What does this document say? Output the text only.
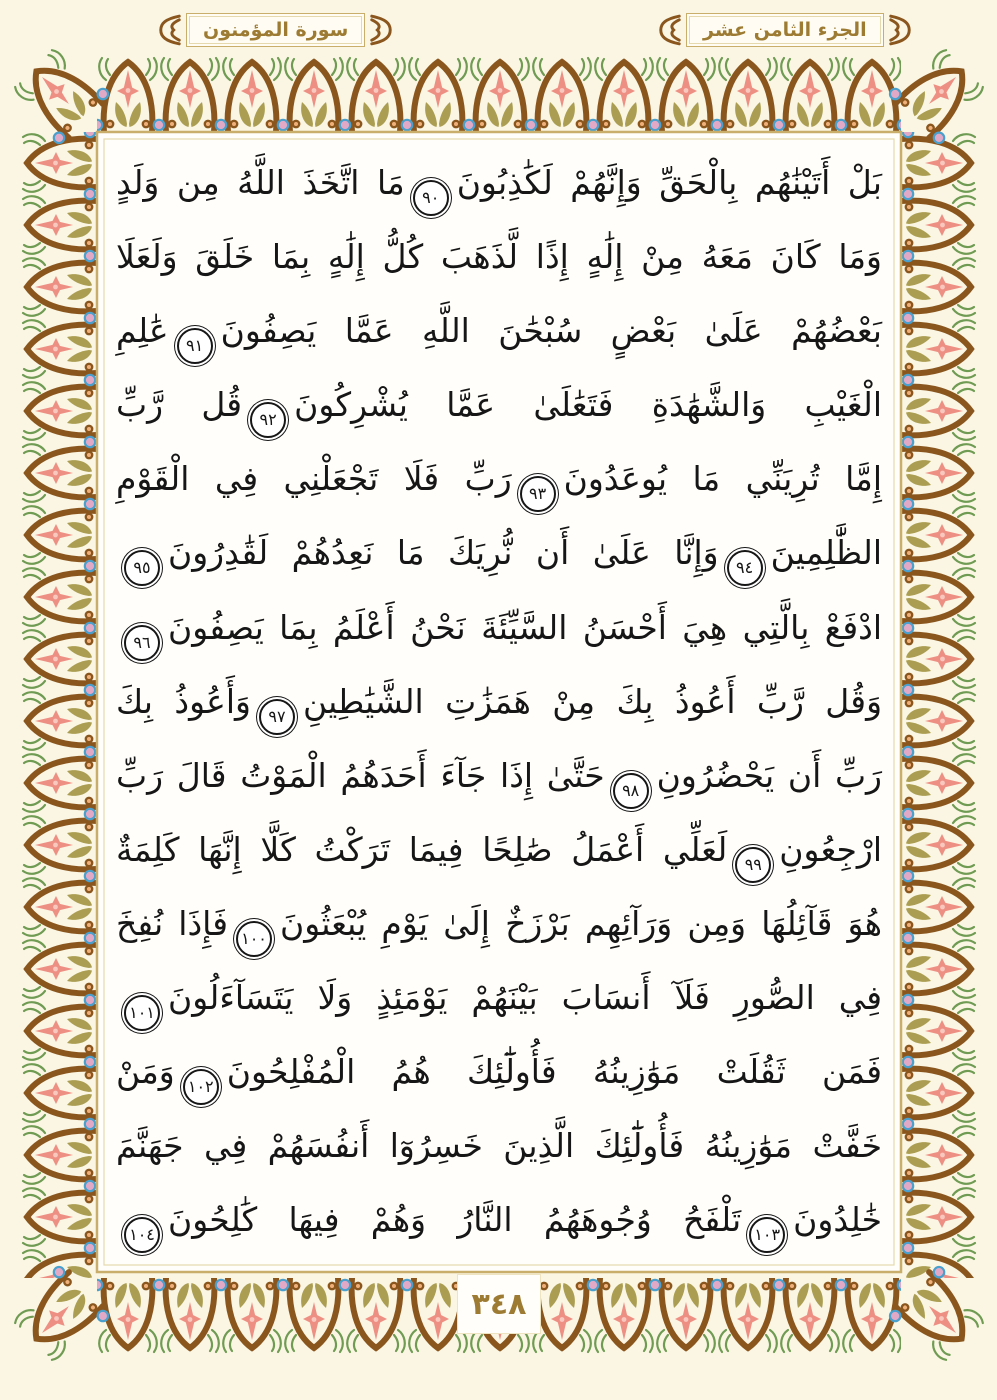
سورة المؤمنون	الجزء الثامن عشر
بَلْ أَتَيْنَٰهُم بِالْحَقِّ وَإِنَّهُمْ لَكَٰذِبُونَ٩٠مَا اتَّخَذَ اللَّهُ مِن وَلَدٍ
وَمَا كَانَ مَعَهُ مِنْ إِلَٰهٍ إِذًا لَّذَهَبَ كُلُّ إِلَٰهٍ بِمَا خَلَقَ وَلَعَلَا
بَعْضُهُمْ عَلَىٰ بَعْضٍ سُبْحَٰنَ اللَّهِ عَمَّا يَصِفُونَ٩١عَٰلِمِ
الْغَيْبِ وَالشَّهَٰدَةِ فَتَعَٰلَىٰ عَمَّا يُشْرِكُونَ٩٢قُل رَّبِّ
إِمَّا تُرِيَنِّي مَا يُوعَدُونَ٩٣رَبِّ فَلَا تَجْعَلْنِي فِي الْقَوْمِ
الظَّٰلِمِينَ٩٤وَإِنَّا عَلَىٰ أَن نُّرِيَكَ مَا نَعِدُهُمْ لَقَٰدِرُونَ٩٥
ادْفَعْ بِالَّتِي هِيَ أَحْسَنُ السَّيِّئَةَ نَحْنُ أَعْلَمُ بِمَا يَصِفُونَ٩٦
وَقُل رَّبِّ أَعُوذُ بِكَ مِنْ هَمَزَٰتِ الشَّيَٰطِينِ٩٧وَأَعُوذُ بِكَ
رَبِّ أَن يَحْضُرُونِ٩٨حَتَّىٰ إِذَا جَآءَ أَحَدَهُمُ الْمَوْتُ قَالَ رَبِّ
ارْجِعُونِ٩٩لَعَلِّي أَعْمَلُ صَٰلِحًا فِيمَا تَرَكْتُ كَلَّا إِنَّهَا كَلِمَةٌ
هُوَ قَآئِلُهَا وَمِن وَرَآئِهِم بَرْزَخٌ إِلَىٰ يَوْمِ يُبْعَثُونَ١٠٠فَإِذَا نُفِخَ
فِي الصُّورِ فَلَآ أَنسَابَ بَيْنَهُمْ يَوْمَئِذٍ وَلَا يَتَسَآءَلُونَ١٠١
فَمَن ثَقُلَتْ مَوَٰزِينُهُ فَأُولَٰٓئِكَ هُمُ الْمُفْلِحُونَ١٠٢وَمَنْ
خَفَّتْ مَوَٰزِينُهُ فَأُولَٰٓئِكَ الَّذِينَ خَسِرُوٓا أَنفُسَهُمْ فِي جَهَنَّمَ
خَٰلِدُونَ١٠٣تَلْفَحُ وُجُوهَهُمُ النَّارُ وَهُمْ فِيهَا كَٰلِحُونَ١٠٤
٣٤٨
